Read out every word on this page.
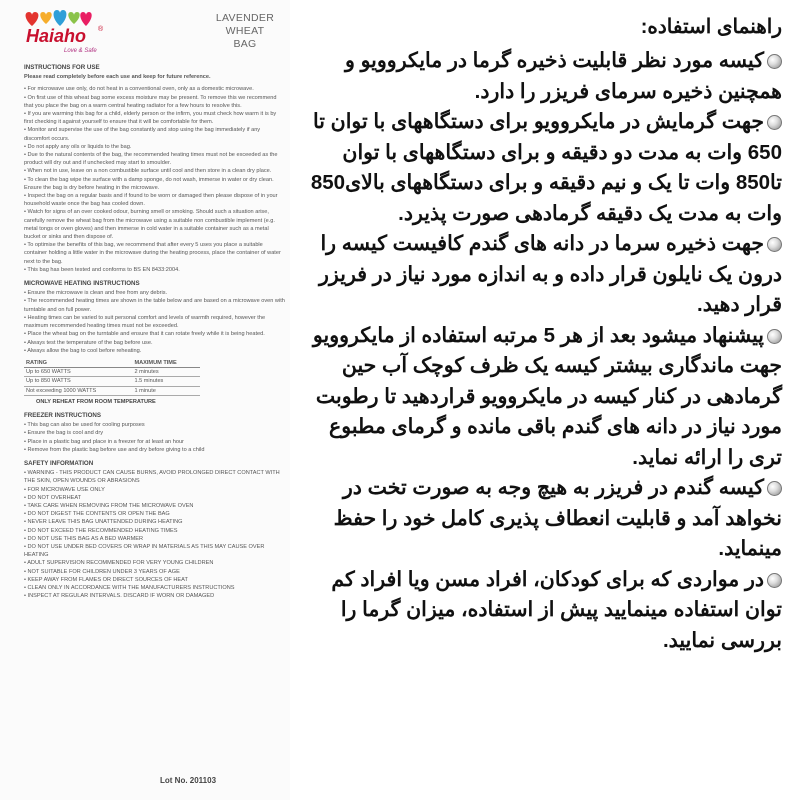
Haiaho ®
Love & Safe
LAVENDER
WHEAT
BAG
INSTRUCTIONS FOR USE

Please read completely before each use and keep for future reference.

• For microwave use only, do not heat in a conventional oven, only as a domestic microwave.

• On first use of this wheat bag some excess moisture may be present. To remove this we recommend that you place the bag on a warm central heating radiator for a few hours to resolve this.

• If you are warming this bag for a child, elderly person or the infirm, you must check how warm it is by first checking it against yourself to ensure that it will be comfortable for them.

• Monitor and supervise the use of the bag constantly and stop using the bag immediately if any discomfort occurs.

• Do not apply any oils or liquids to the bag.

• Due to the natural contents of the bag, the recommended heating times must not be exceeded as the product will dry out and if unchecked may start to smoulder.

• When not in use, leave on a non combustible surface until cool and then store in a clean dry place.

• To clean the bag wipe the surface with a damp sponge, do not wash, immerse in water or dry clean. Ensure the bag is dry before heating in the microwave.

• Inspect the bag on a regular basis and if found to be worn or damaged then please dispose of in your household waste once the bag has cooled down.

• Watch for signs of an over cooked odour, burning smell or smoking. Should such a situation arise, carefully remove the wheat bag from the microwave using a suitable non combustible implement (e.g. metal tongs or oven gloves) and then immerse in cold water in a suitable container such as a metal bucket or sinks and then dispose of.

• To optimise the benefits of this bag, we recommend that after every 5 uses you place a suitable container holding a little water in the microwave during the heating process, place the container of water next to the bag.

• This bag has been tested and conforms to BS EN 8433:2004.

MICROWAVE HEATING INSTRUCTIONS

• Ensure the microwave is clean and free from any debris.

• The recommended heating times are shown in the table below and are based on a microwave oven with turntable and on full power.

• Heating times can be varied to suit personal comfort and levels of warmth required, however the maximum recommended heating times must not be exceeded.

• Place the wheat bag on the turntable and ensure that it can rotate freely while it is being heated.

• Always test the temperature of the bag before use.

• Always allow the bag to cool before reheating.

RATING	MAXIMUM TIME
Up to 650 WATTS	2 minutes
Up to 850 WATTS	1.5 minutes
Not exceeding 1000 WATTS	1 minute
ONLY REHEAT FROM ROOM TEMPERATURE
FREEZER INSTRUCTIONS

• This bag can also be used for cooling purposes

• Ensure the bag is cool and dry

• Place in a plastic bag and place in a freezer for at least an hour

• Remove from the plastic bag before use and dry before giving to a child

SAFETY INFORMATION

• WARNING - THIS PRODUCT CAN CAUSE BURNS, AVOID PROLONGED DIRECT CONTACT WITH THE SKIN, OPEN WOUNDS OR ABRASIONS

• FOR MICROWAVE USE ONLY

• DO NOT OVERHEAT

• TAKE CARE WHEN REMOVING FROM THE MICROWAVE OVEN

• DO NOT DIGEST THE CONTENTS OR OPEN THE BAG

• NEVER LEAVE THIS BAG UNATTENDED DURING HEATING

• DO NOT EXCEED THE RECOMMENDED HEATING TIMES

• DO NOT USE THIS BAG AS A BED WARMER

• DO NOT USE UNDER BED COVERS OR WRAP IN MATERIALS AS THIS MAY CAUSE OVER HEATING

• ADULT SUPERVISION RECOMMENDED FOR VERY YOUNG CHILDREN

• NOT SUITABLE FOR CHILDREN UNDER 3 YEARS OF AGE

• KEEP AWAY FROM FLAMES OR DIRECT SOURCES OF HEAT

• CLEAN ONLY IN ACCORDANCE WITH THE MANUFACTURERS INSTRUCTIONS

• INSPECT AT REGULAR INTERVALS. DISCARD IF WORN OR DAMAGED

Lot No. 201103
راهنمای استفاده:

کیسه مورد نظر قابلیت ذخیره گرما در مایکروویو و همچنین ذخیره سرمای فریزر را دارد.

جهت گرمایش در مایکروویو برای دستگاههای با توان تا 650 وات به مدت دو دقیقه و برای دستگاههای با توان تا850 وات تا یک و نیم دقیقه و برای دستگاههای بالای850 وات به مدت یک دقیقه گرمادهی صورت پذیرد.

جهت ذخیره سرما در دانه های گندم کافیست کیسه را درون یک نایلون قرار داده و به اندازه مورد نیاز در فریزر قرار دهید.

پیشنهاد میشود بعد از هر 5 مرتبه استفاده از مایکروویو جهت ماندگاری بیشتر کیسه یک ظرف کوچک آب حین گرمادهی در کنار کیسه در مایکروویو قراردهید تا رطوبت مورد نیاز در دانه های گندم باقی مانده و گرمای مطبوع تری را ارائه نماید.

کیسه گندم در فریزر به هیچ وجه به صورت تخت در نخواهد آمد و قابلیت انعطاف پذیری کامل خود را حفظ مینماید.

در مواردی که برای کودکان، افراد مسن ویا افراد کم توان استفاده مینمایید پیش از استفاده، میزان گرما را بررسی نمایید.
